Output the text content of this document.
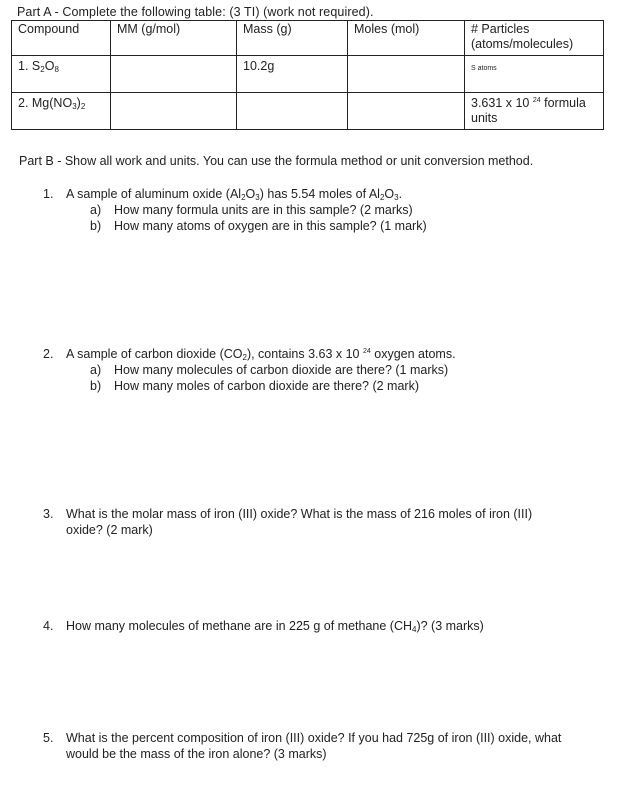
Part A - Complete the following table: (3 TI) (work not required).
Compound	MM (g/mol)	Mass (g)	Moles (mol)	# Particles (atoms/molecules)
1. $S_2O_8$		10.2g		S atoms
2. $Mg(NO_3)_2$				3.631 x 10 $^{24}$ formula units
Part B - Show all work and units. You can use the formula method or unit conversion method.
1. A sample of aluminum oxide $(Al_2O_3)$ has 5.54 moles of $Al_2O_3$.
a) How many formula units are in this sample? (2 marks)
b) How many atoms of oxygen are in this sample? (1 mark)
2. A sample of carbon dioxide $(CO_2)$, contains 3.63 x 10 $^{24}$ oxygen atoms.
a) How many molecules of carbon dioxide are there? (1 marks)
b) How many moles of carbon dioxide are there? (2 mark)
3. What is the molar mass of iron (III) oxide? What is the mass of 216 moles of iron (III) oxide? (2 mark)
4. How many molecules of methane are in 225 g of methane $(CH_4)$? (3 marks)
5. What is the percent composition of iron (III) oxide? If you had 725g of iron (III) oxide, what would be the mass of the iron alone? (3 marks)
